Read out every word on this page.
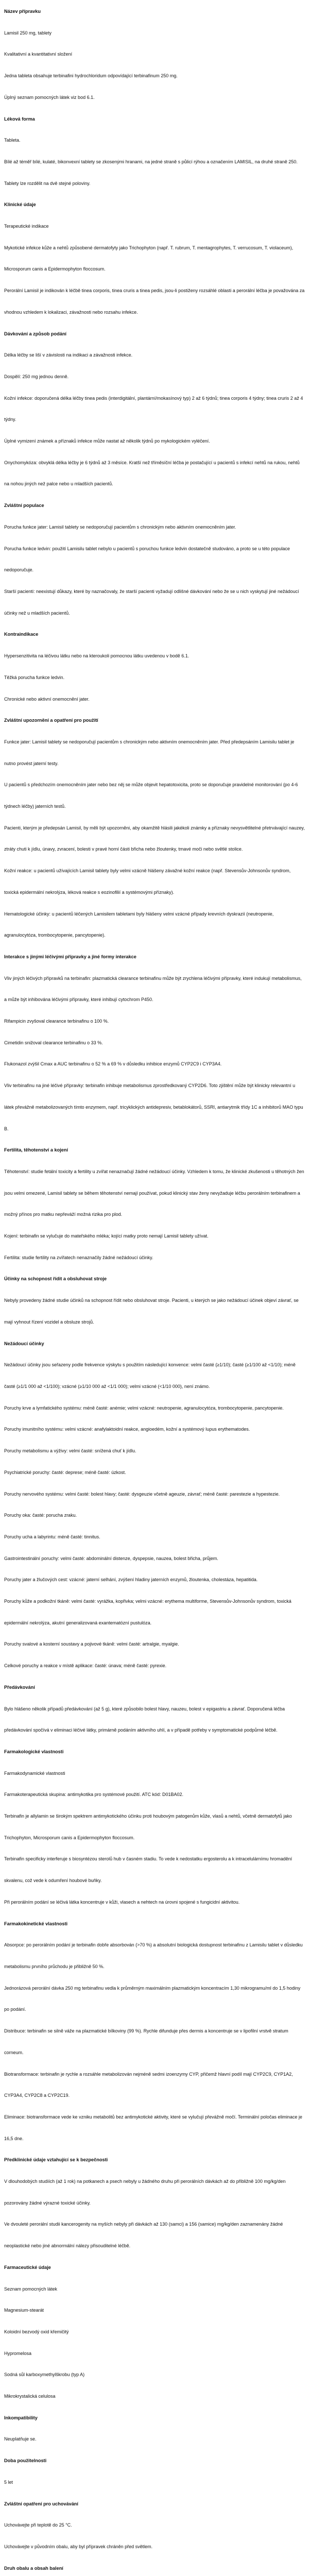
Název přípravku
Lamisil 250 mg, tablety
Kvalitativní a kvantitativní složení
Jedna tableta obsahuje terbinafini hydrochloridum odpovídající terbinafinum 250 mg.
Úplný seznam pomocných látek viz bod 6.1.
Léková forma
Tableta.
Bílé až téměř bílé, kulaté, bikonvexní tablety se zkosenými hranami, na jedné straně s půlicí rýhou a označením LAMISIL, na druhé straně 250.
Tablety lze rozdělit na dvě stejné poloviny.
Klinické údaje
Terapeutické indikace
Mykotické infekce kůže a nehtů způsobené dermatofyty jako Trichophyton (např. T. rubrum, T. mentagrophytes, T. verrucosum, T. violaceum), Microsporum canis a Epidermophyton floccosum.
Perorální Lamisil je indikován k léčbě tinea corporis, tinea cruris a tinea pedis, jsou-li postiženy rozsáhlé oblasti a perorální léčba je považována za vhodnou vzhledem k lokalizaci, závažnosti nebo rozsahu infekce.
Dávkování a způsob podání
Délka léčby se liší v závislosti na indikaci a závažnosti infekce.
Dospělí: 250 mg jednou denně.
Kožní infekce: doporučená délka léčby tinea pedis (interdigitální, plantární/mokasínový typ) 2 až 6 týdnů; tinea corporis 4 týdny; tinea cruris 2 až 4 týdny.
Úplné vymizení známek a příznaků infekce může nastat až několik týdnů po mykologickém vyléčení.
Onychomykóza: obvyklá délka léčby je 6 týdnů až 3 měsíce. Kratší než tříměsíční léčba je postačující u pacientů s infekcí nehtů na rukou, nehtů na nohou jiných než palce nebo u mladších pacientů.
Zvláštní populace
Porucha funkce jater: Lamisil tablety se nedoporučují pacientům s chronickým nebo aktivním onemocněním jater.
Porucha funkce ledvin: použití Lamisilu tablet nebylo u pacientů s poruchou funkce ledvin dostatečně studováno, a proto se u této populace nedoporučuje.
Starší pacienti: neexistují důkazy, které by naznačovaly, že starší pacienti vyžadují odlišné dávkování nebo že se u nich vyskytují jiné nežádoucí účinky než u mladších pacientů.
Kontraindikace
Hypersenzitivita na léčivou látku nebo na kteroukoli pomocnou látku uvedenou v bodě 6.1.
Těžká porucha funkce ledvin.
Chronické nebo aktivní onemocnění jater.
Zvláštní upozornění a opatření pro použití
Funkce jater: Lamisil tablety se nedoporučují pacientům s chronickým nebo aktivním onemocněním jater. Před předepsáním Lamisilu tablet je nutno provést jaterní testy.
U pacientů s předchozím onemocněním jater nebo bez něj se může objevit hepatotoxicita, proto se doporučuje pravidelné monitorování (po 4-6 týdnech léčby) jaterních testů.
Pacienti, kterým je předepsán Lamisil, by měli být upozorněni, aby okamžitě hlásili jakékoli známky a příznaky nevysvětlitelné přetrvávající nauzey, ztráty chuti k jídlu, únavy, zvracení, bolesti v pravé horní části břicha nebo žloutenky, tmavé moči nebo světlé stolice.
Kožní reakce: u pacientů užívajících Lamisil tablety byly velmi vzácně hlášeny závažné kožní reakce (např. Stevensův-Johnsonův syndrom, toxická epidermální nekrolýza, léková reakce s eozinofilií a systémovými příznaky).
Hematologické účinky: u pacientů léčených Lamisilem tabletami byly hlášeny velmi vzácné případy krevních dyskrazií (neutropenie, agranulocytóza, trombocytopenie, pancytopenie).
Interakce s jinými léčivými přípravky a jiné formy interakce
Vliv jiných léčivých přípravků na terbinafin: plazmatická clearance terbinafinu může být zrychlena léčivými přípravky, které indukují metabolismus, a může být inhibována léčivými přípravky, které inhibují cytochrom P450.
Rifampicin zvyšoval clearance terbinafinu o 100 %.
Cimetidin snižoval clearance terbinafinu o 33 %.
Flukonazol zvýšil Cmax a AUC terbinafinu o 52 % a 69 % v důsledku inhibice enzymů CYP2C9 i CYP3A4.
Vliv terbinafinu na jiné léčivé přípravky: terbinafin inhibuje metabolismus zprostředkovaný CYP2D6. Toto zjištění může být klinicky relevantní u látek převážně metabolizovaných tímto enzymem, např. tricyklických antidepresiv, betablokátorů, SSRI, antiarytmik třídy 1C a inhibitorů MAO typu B.
Fertilita, těhotenství a kojení
Těhotenství: studie fetální toxicity a fertility u zvířat nenaznačují žádné nežádoucí účinky. Vzhledem k tomu, že klinické zkušenosti u těhotných žen jsou velmi omezené, Lamisil tablety se během těhotenství nemají používat, pokud klinický stav ženy nevyžaduje léčbu perorálním terbinafinem a možný přínos pro matku nepřeváží možná rizika pro plod.
Kojení: terbinafin se vylučuje do mateřského mléka; kojící matky proto nemají Lamisil tablety užívat.
Fertilita: studie fertility na zvířatech nenaznačily žádné nežádoucí účinky.
Účinky na schopnost řídit a obsluhovat stroje
Nebyly provedeny žádné studie účinků na schopnost řídit nebo obsluhovat stroje. Pacienti, u kterých se jako nežádoucí účinek objeví závrať, se mají vyhnout řízení vozidel a obsluze strojů.
Nežádoucí účinky
Nežádoucí účinky jsou seřazeny podle frekvence výskytu s použitím následující konvence: velmi časté (≥1/10); časté (≥1/100 až <1/10); méně časté (≥1/1 000 až <1/100); vzácné (≥1/10 000 až <1/1 000); velmi vzácné (<1/10 000), není známo.
Poruchy krve a lymfatického systému: méně časté: anémie; velmi vzácné: neutropenie, agranulocytóza, trombocytopenie, pancytopenie.
Poruchy imunitního systému: velmi vzácné: anafylaktoidní reakce, angioedém, kožní a systémový lupus erythematodes.
Poruchy metabolismu a výživy: velmi časté: snížená chuť k jídlu.
Psychiatrické poruchy: časté: deprese; méně časté: úzkost.
Poruchy nervového systému: velmi časté: bolest hlavy; časté: dysgeuzie včetně ageuzie, závrať; méně časté: parestezie a hypestezie.
Poruchy oka: časté: porucha zraku.
Poruchy ucha a labyrintu: méně časté: tinnitus.
Gastrointestinální poruchy: velmi časté: abdominální distenze, dyspepsie, nauzea, bolest břicha, průjem.
Poruchy jater a žlučových cest: vzácné: jaterní selhání, zvýšení hladiny jaterních enzymů, žloutenka, cholestáza, hepatitida.
Poruchy kůže a podkožní tkáně: velmi časté: vyrážka, kopřivka; velmi vzácné: erythema multiforme, Stevensův-Johnsonův syndrom, toxická epidermální nekrolýza, akutní generalizovaná exantematózní pustulóza.
Poruchy svalové a kosterní soustavy a pojivové tkáně: velmi časté: artralgie, myalgie.
Celkové poruchy a reakce v místě aplikace: časté: únava; méně časté: pyrexie.
Předávkování
Bylo hlášeno několik případů předávkování (až 5 g), které způsobilo bolest hlavy, nauzeu, bolest v epigastriu a závrať. Doporučená léčba předávkování spočívá v eliminaci léčivé látky, primárně podáním aktivního uhlí, a v případě potřeby v symptomatické podpůrné léčbě.
Farmakologické vlastnosti
Farmakodynamické vlastnosti
Farmakoterapeutická skupina: antimykotika pro systémové použití. ATC kód: D01BA02.
Terbinafin je allylamin se širokým spektrem antimykotického účinku proti houbovým patogenům kůže, vlasů a nehtů, včetně dermatofytů jako Trichophyton, Microsporum canis a Epidermophyton floccosum.
Terbinafin specificky interferuje s biosyntézou sterolů hub v časném stadiu. To vede k nedostatku ergosterolu a k intracelulárnímu hromadění skvalenu, což vede k odumření houbové buňky.
Při perorálním podání se léčivá látka koncentruje v kůži, vlasech a nehtech na úrovni spojené s fungicidní aktivitou.
Farmakokinetické vlastnosti
Absorpce: po perorálním podání je terbinafin dobře absorbován (>70 %) a absolutní biologická dostupnost terbinafinu z Lamisilu tablet v důsledku metabolismu prvního průchodu je přibližně 50 %.
Jednorázová perorální dávka 250 mg terbinafinu vedla k průměrným maximálním plazmatickým koncentracím 1,30 mikrogramu/ml do 1,5 hodiny po podání.
Distribuce: terbinafin se silně váže na plazmatické bílkoviny (99 %). Rychle difunduje přes dermis a koncentruje se v lipofilní vrstvě stratum corneum.
Biotransformace: terbinafin je rychle a rozsáhle metabolizován nejméně sedmi izoenzymy CYP, přičemž hlavní podíl mají CYP2C9, CYP1A2, CYP3A4, CYP2C8 a CYP2C19.
Eliminace: biotransformace vede ke vzniku metabolitů bez antimykotické aktivity, které se vylučují převážně močí. Terminální poločas eliminace je 16,5 dne.
Předklinické údaje vztahující se k bezpečnosti
V dlouhodobých studiích (až 1 rok) na potkanech a psech nebyly u žádného druhu při perorálních dávkách až do přibližně 100 mg/kg/den pozorovány žádné výrazné toxické účinky.
Ve dvouleté perorální studii kancerogenity na myších nebyly při dávkách až 130 (samci) a 156 (samice) mg/kg/den zaznamenány žádné neoplastické nebo jiné abnormální nálezy přisouditelné léčbě.
Farmaceutické údaje
Seznam pomocných látek
Magnesium-stearát
Koloidní bezvodý oxid křemičitý
Hypromelosa
Sodná sůl karboxymethylškrobu (typ A)
Mikrokrystalická celulosa
Inkompatibility
Neuplatňuje se.
Doba použitelnosti
5 let
Zvláštní opatření pro uchovávání
Uchovávejte při teplotě do 25 °C.
Uchovávejte v původním obalu, aby byl přípravek chráněn před světlem.
Druh obalu a obsah balení
